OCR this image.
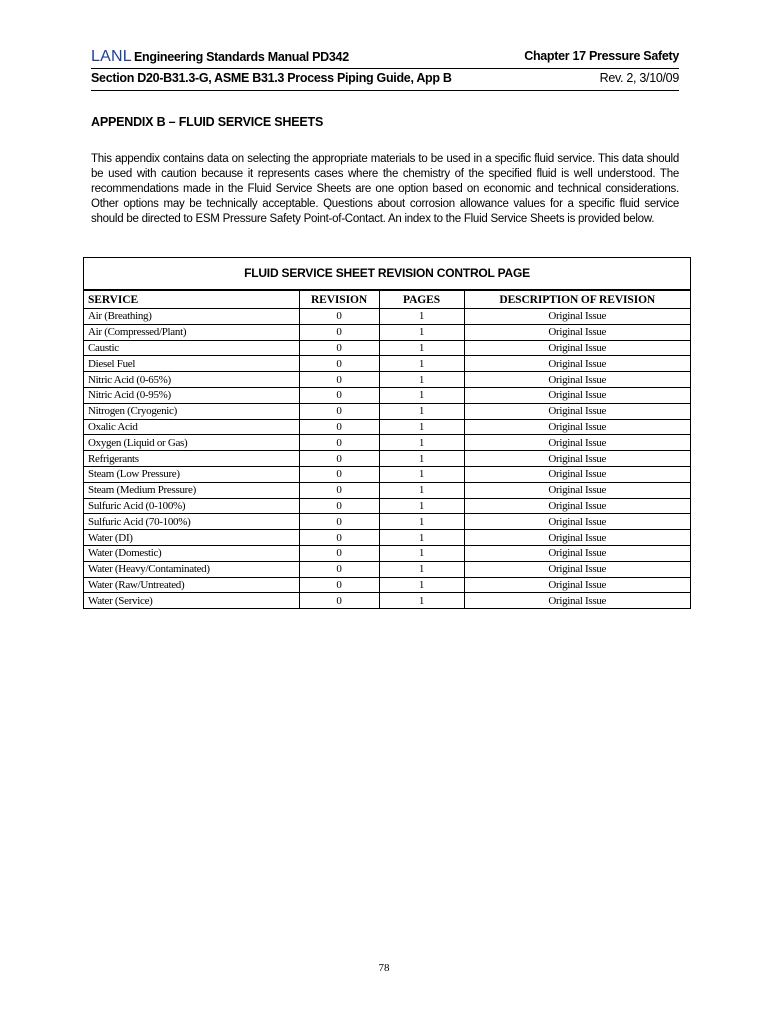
LANL Engineering Standards Manual PD342	Chapter 17 Pressure Safety
Section D20-B31.3-G, ASME B31.3 Process Piping Guide, App B	Rev. 2, 3/10/09
APPENDIX B – FLUID SERVICE SHEETS
This appendix contains data on selecting the appropriate materials to be used in a specific fluid service. This data should be used with caution because it represents cases where the chemistry of the specified fluid is well understood. The recommendations made in the Fluid Service Sheets are one option based on economic and technical considerations. Other options may be technically acceptable. Questions about corrosion allowance values for a specific fluid service should be directed to ESM Pressure Safety Point-of-Contact. An index to the Fluid Service Sheets is provided below.
FLUID SERVICE SHEET REVISION CONTROL PAGE
SERVICE	REVISION	PAGES	DESCRIPTION OF REVISION
Air (Breathing)	0	1	Original Issue
Air (Compressed/Plant)	0	1	Original Issue
Caustic	0	1	Original Issue
Diesel Fuel	0	1	Original Issue
Nitric Acid (0-65%)	0	1	Original Issue
Nitric Acid (0-95%)	0	1	Original Issue
Nitrogen (Cryogenic)	0	1	Original Issue
Oxalic Acid	0	1	Original Issue
Oxygen (Liquid or Gas)	0	1	Original Issue
Refrigerants	0	1	Original Issue
Steam (Low Pressure)	0	1	Original Issue
Steam (Medium Pressure)	0	1	Original Issue
Sulfuric Acid (0-100%)	0	1	Original Issue
Sulfuric Acid (70-100%)	0	1	Original Issue
Water (DI)	0	1	Original Issue
Water (Domestic)	0	1	Original Issue
Water (Heavy/Contaminated)	0	1	Original Issue
Water (Raw/Untreated)	0	1	Original Issue
Water (Service)	0	1	Original Issue
78
